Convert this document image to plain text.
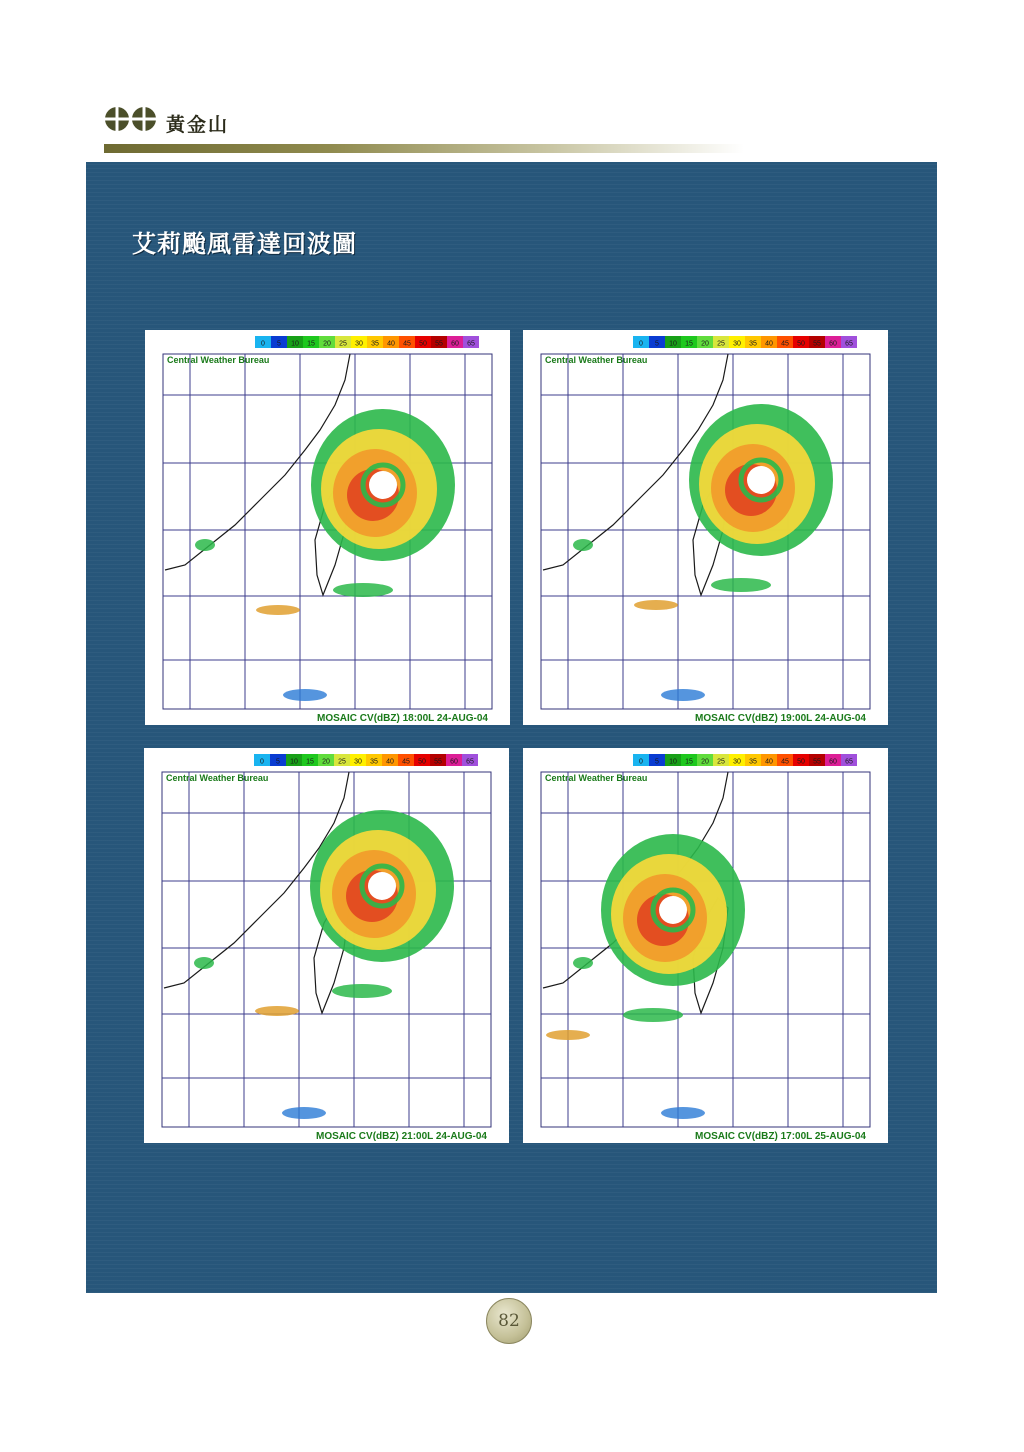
黃金山
艾莉颱風雷達回波圖
0 5 10 15 20 25 30 35 40 45 50 55 60 65
Central Weather Bureau
MOSAIC CV(dBZ) 18:00L 24-AUG-04
0 5 10 15 20 25 30 35 40 45 50 55 60 65
Central Weather Bureau
MOSAIC CV(dBZ) 19:00L 24-AUG-04
0 5 10 15 20 25 30 35 40 45 50 55 60 65
Central Weather Bureau
MOSAIC CV(dBZ) 21:00L 24-AUG-04
0 5 10 15 20 25 30 35 40 45 50 55 60 65
Central Weather Bureau
MOSAIC CV(dBZ) 17:00L 25-AUG-04
82
